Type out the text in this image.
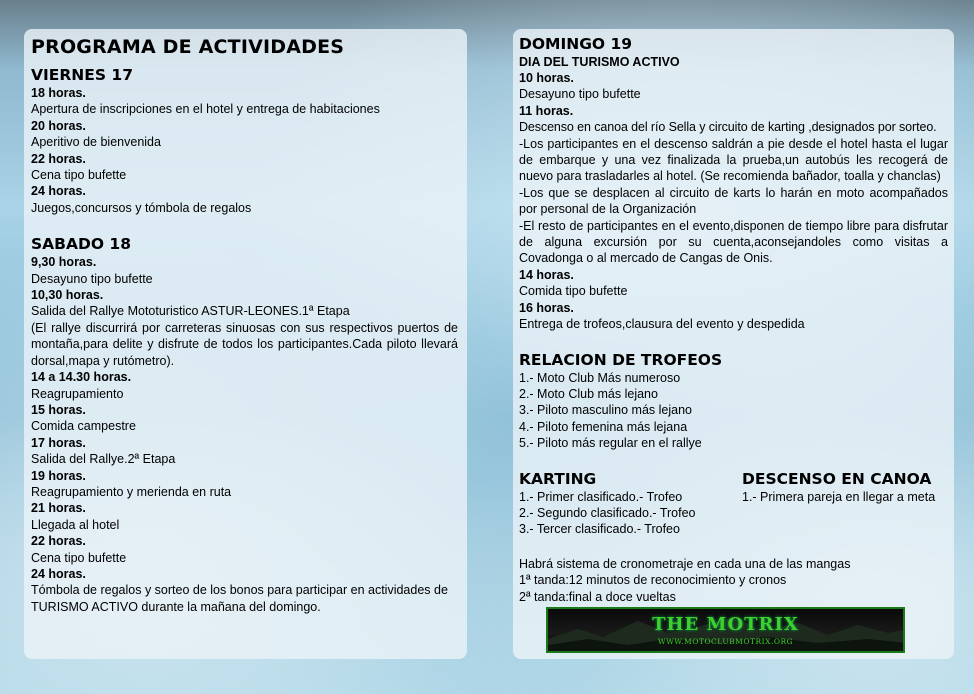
PROGRAMA DE ACTIVIDADES
VIERNES 17
18 horas.
Apertura de inscripciones en el hotel y entrega de habitaciones
20 horas.
Aperitivo de bienvenida
22 horas.
Cena tipo bufette
24 horas.
Juegos,concursos y tómbola de regalos
SABADO 18
9,30 horas.
Desayuno tipo bufette
10,30 horas.
Salida del Rallye Mototuristico ASTUR-LEONES.1ª Etapa
(El rallye discurrirá por carreteras sinuosas con sus respectivos puertos de montaña,para delite y disfrute de todos los participantes.Cada piloto llevará dorsal,mapa y rutómetro).
14 a 14.30 horas.
Reagrupamiento
15 horas.
Comida campestre
17 horas.
Salida del Rallye.2ª Etapa
19 horas.
Reagrupamiento y merienda en ruta
21 horas.
Llegada al hotel
22 horas.
Cena tipo bufette
24 horas.
Tómbola de regalos y sorteo de los bonos para participar en actividades de TURISMO ACTIVO durante la mañana del domingo.
DOMINGO 19
DIA DEL TURISMO ACTIVO
10 horas.
Desayuno tipo bufette
11 horas.
Descenso en canoa del río Sella y circuito de karting ,designados por sorteo.
-Los participantes en el descenso saldrán a pie desde el hotel hasta el lugar de embarque y una vez finalizada la prueba,un autobús les recogerá de nuevo para trasladarles al hotel. (Se recomienda bañador, toalla y chanclas)
-Los que se desplacen al circuito de karts lo harán en moto acompañados por personal de la Organización
-El resto de participantes en el evento,disponen de tiempo libre para disfrutar de alguna excursión por su cuenta,aconsejandoles como visitas a Covadonga o al mercado de Cangas de Onis.
14 horas.
Comida tipo bufette
16 horas.
Entrega de trofeos,clausura del evento y despedida
RELACION DE TROFEOS
1.- Moto Club Más numeroso
2.- Moto Club más lejano
3.- Piloto masculino más lejano
4.- Piloto femenina más lejana
5.- Piloto más regular en el rallye
KARTING
1.- Primer clasificado.- Trofeo
2.- Segundo clasificado.- Trofeo
3.- Tercer clasificado.- Trofeo
DESCENSO EN CANOA
1.- Primera pareja en llegar a meta
Habrá sistema de cronometraje en cada una de las mangas
1ª tanda:12 minutos de reconocimiento y cronos
2ª tanda:final a doce vueltas
THE MOTRIX
WWW.MOTOCLUBMOTRIX.ORG
